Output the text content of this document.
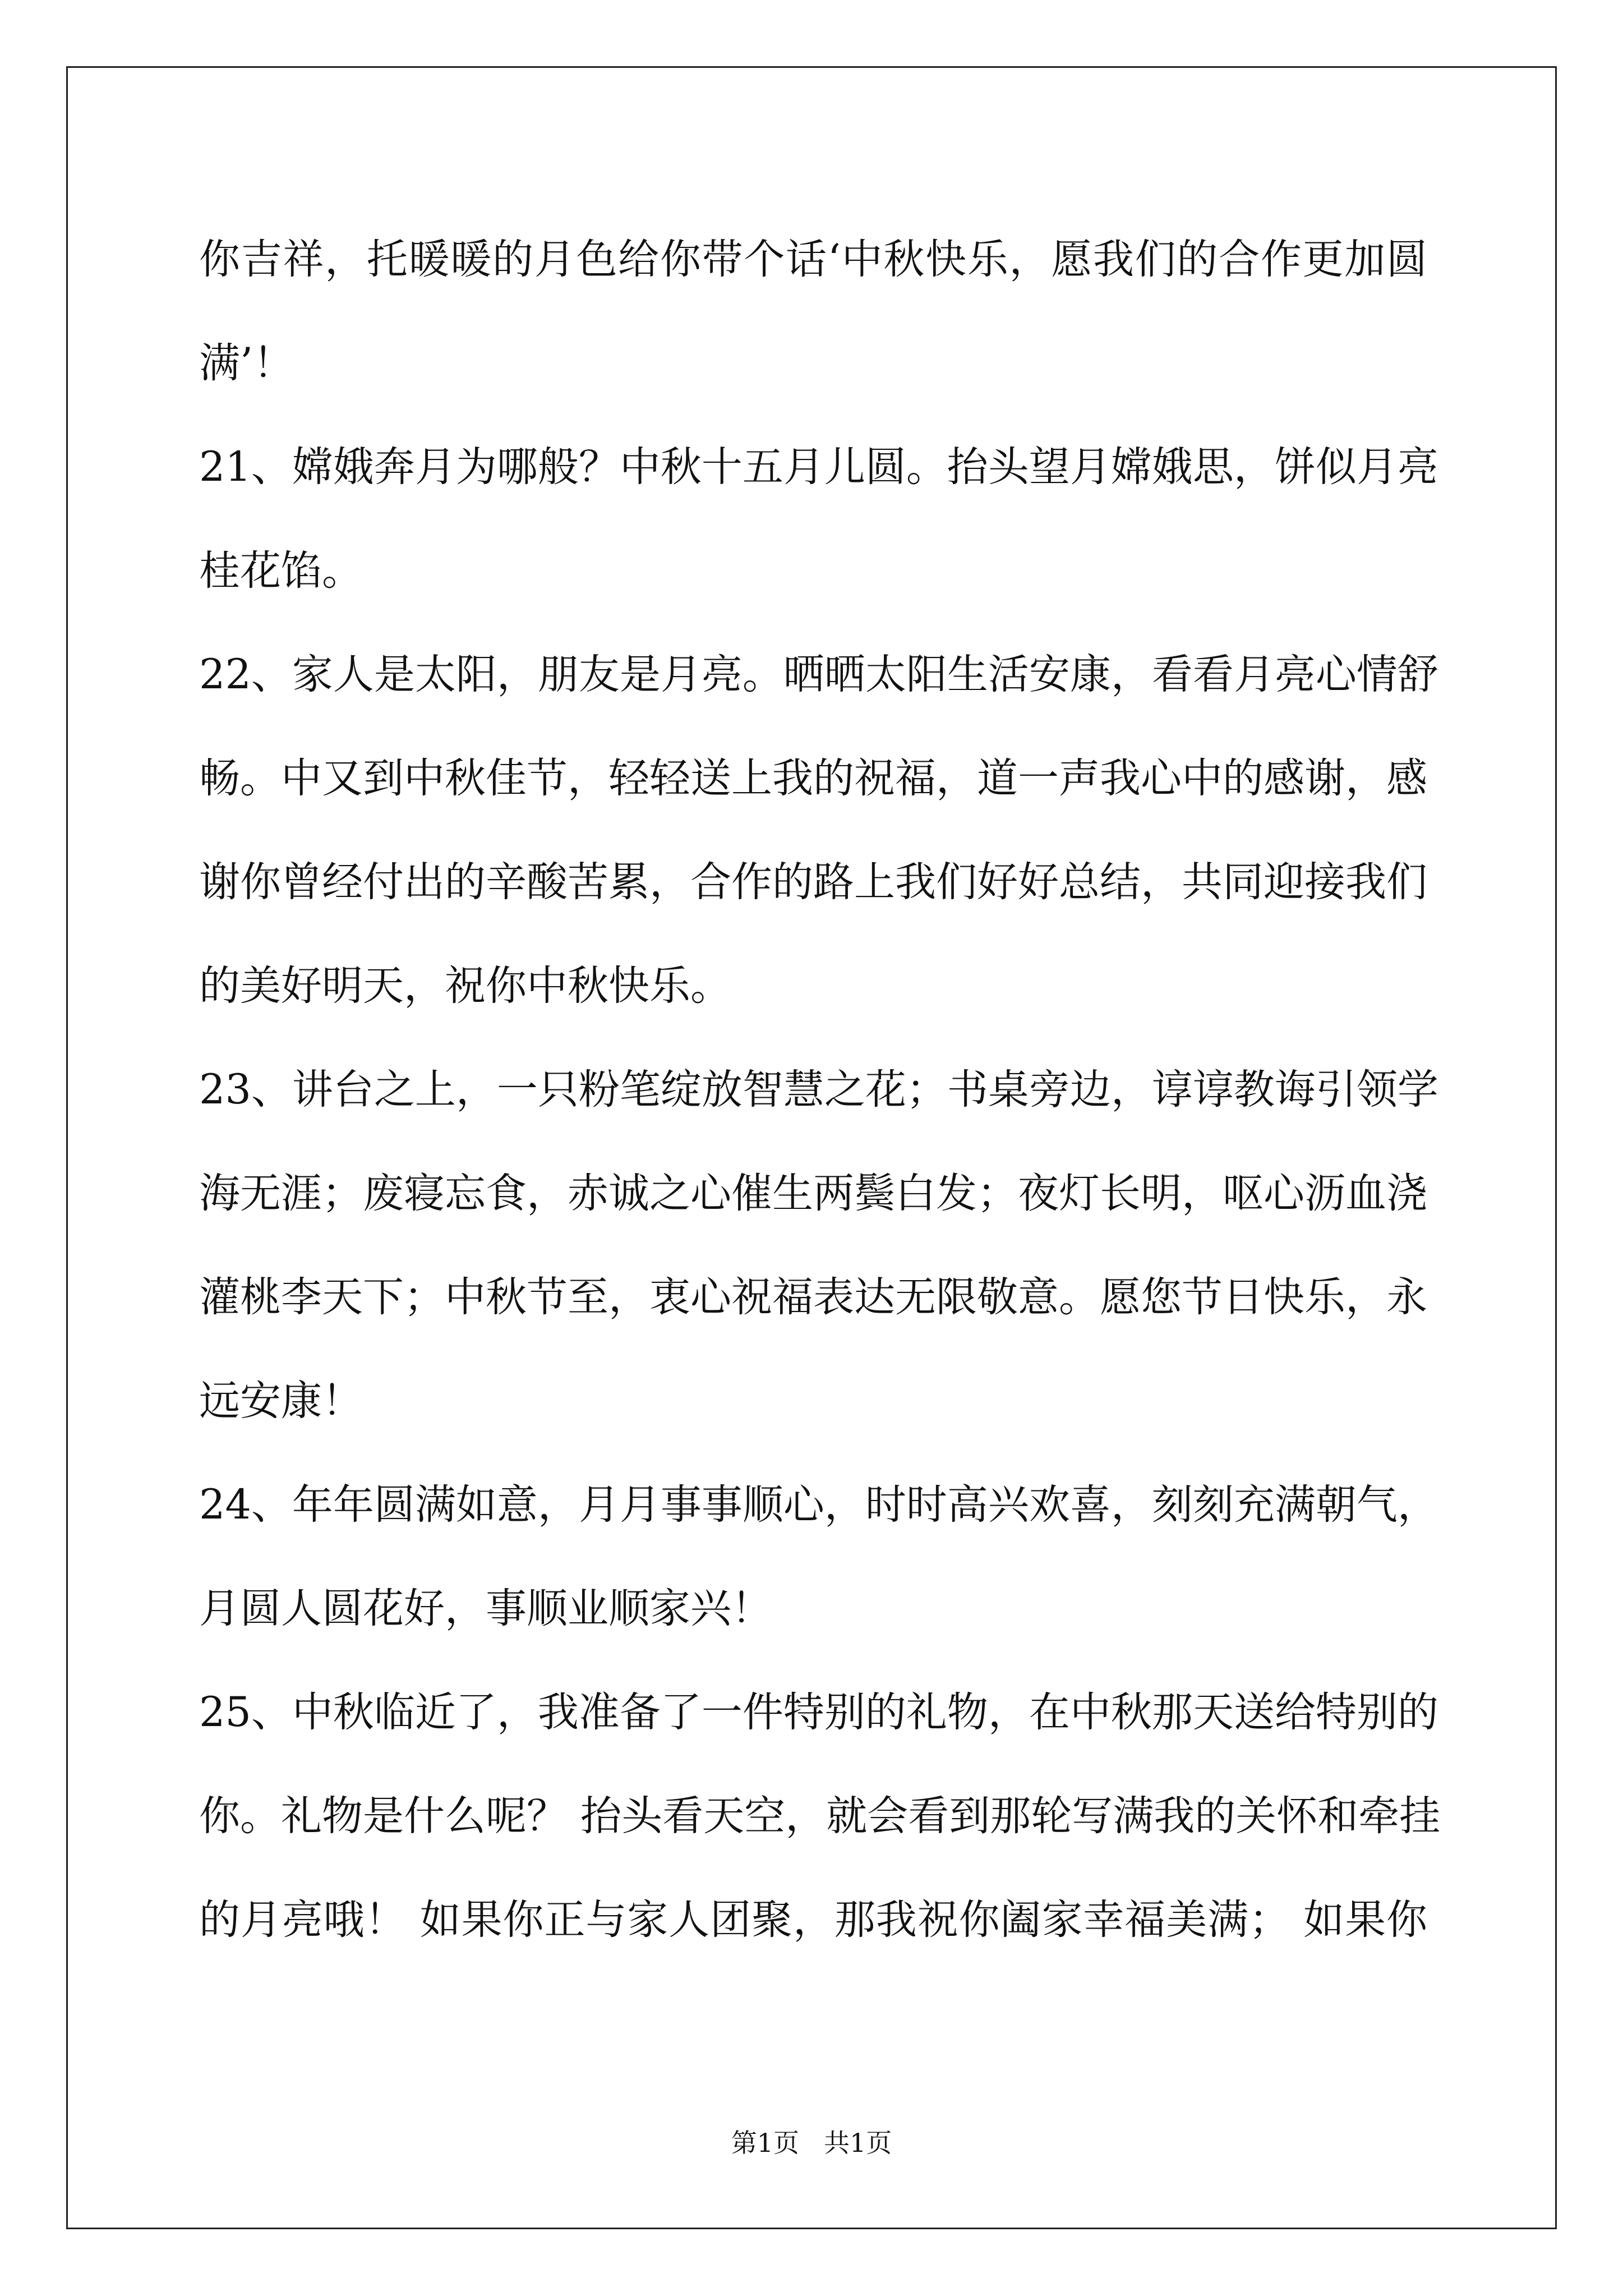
你吉祥，托暖暖的月色给你带个话‘中秋快乐，愿我们的合作更加圆

满’！

21、嫦娥奔月为哪般？中秋十五月儿圆。抬头望月嫦娥思，饼似月亮

桂花馅。

22、家人是太阳，朋友是月亮。晒晒太阳生活安康，看看月亮心情舒

畅。中又到中秋佳节，轻轻送上我的祝福，道一声我心中的感谢，感

谢你曾经付出的辛酸苦累，合作的路上我们好好总结，共同迎接我们

的美好明天，祝你中秋快乐。

23、讲台之上，一只粉笔绽放智慧之花；书桌旁边，谆谆教诲引领学

海无涯；废寝忘食，赤诚之心催生两鬓白发；夜灯长明，呕心沥血浇

灌桃李天下；中秋节至，衷心祝福表达无限敬意。愿您节日快乐，永

远安康！

24、年年圆满如意，月月事事顺心，时时高兴欢喜，刻刻充满朝气，

月圆人圆花好，事顺业顺家兴！

25、中秋临近了，我准备了一件特别的礼物，在中秋那天送给特别的

你。礼物是什么呢？ 抬头看天空，就会看到那轮写满我的关怀和牵挂

的月亮哦！ 如果你正与家人团聚，那我祝你阖家幸福美满； 如果你

第1页 共1页
